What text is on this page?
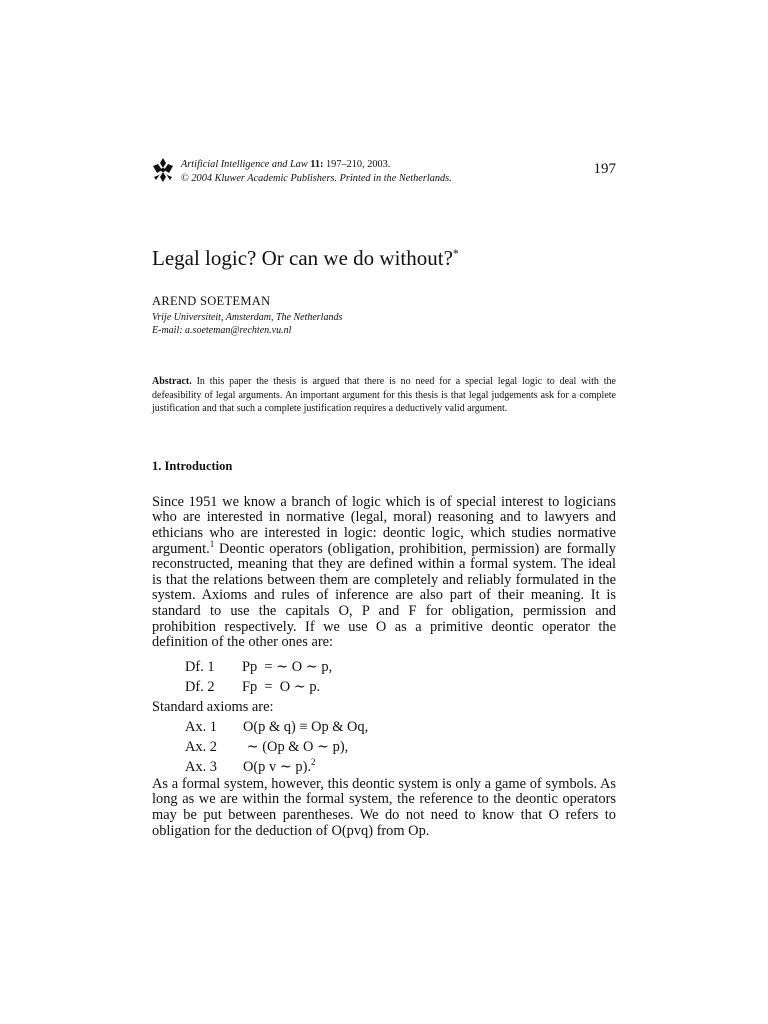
Artificial Intelligence and Law 11: 197–210, 2003.
© 2004 Kluwer Academic Publishers. Printed in the Netherlands.
197
Legal logic? Or can we do without?*
AREND SOETEMAN
Vrije Universiteit, Amsterdam, The Netherlands
E-mail: a.soeteman@rechten.vu.nl
Abstract. In this paper the thesis is argued that there is no need for a special legal logic to deal with the defeasibility of legal arguments. An important argument for this thesis is that legal judgements ask for a complete justification and that such a complete justification requires a deductively valid argument.
1. Introduction

Since 1951 we know a branch of logic which is of special interest to logicians who are interested in normative (legal, moral) reasoning and to lawyers and ethicians who are interested in logic: deontic logic, which studies normative argument.$^1$ Deontic operators (obligation, prohibition, permission) are formally reconstructed, meaning that they are defined within a formal system. The ideal is that the relations between them are completely and reliably formulated in the system. Axioms and rules of inference are also part of their meaning. It is standard to use the capitals O, P and F for obligation, permission and prohibition respectively. If we use O as a primitive deontic operator the definition of the other ones are:

Df. 1 Pp  = ∼ O ∼ p,
Df. 2 Fp  =  O ∼ p.
Standard axioms are:
Ax. 1 O(p & q) ≡ Op & Oq,
Ax. 2 ∼ (Op & O ∼ p),
Ax. 3 O(p v ∼ p).$^2$

As a formal system, however, this deontic system is only a game of symbols. As long as we are within the formal system, the reference to the deontic operators may be put between parentheses. We do not need to know that O refers to obligation for the deduction of O(pvq) from Op.
